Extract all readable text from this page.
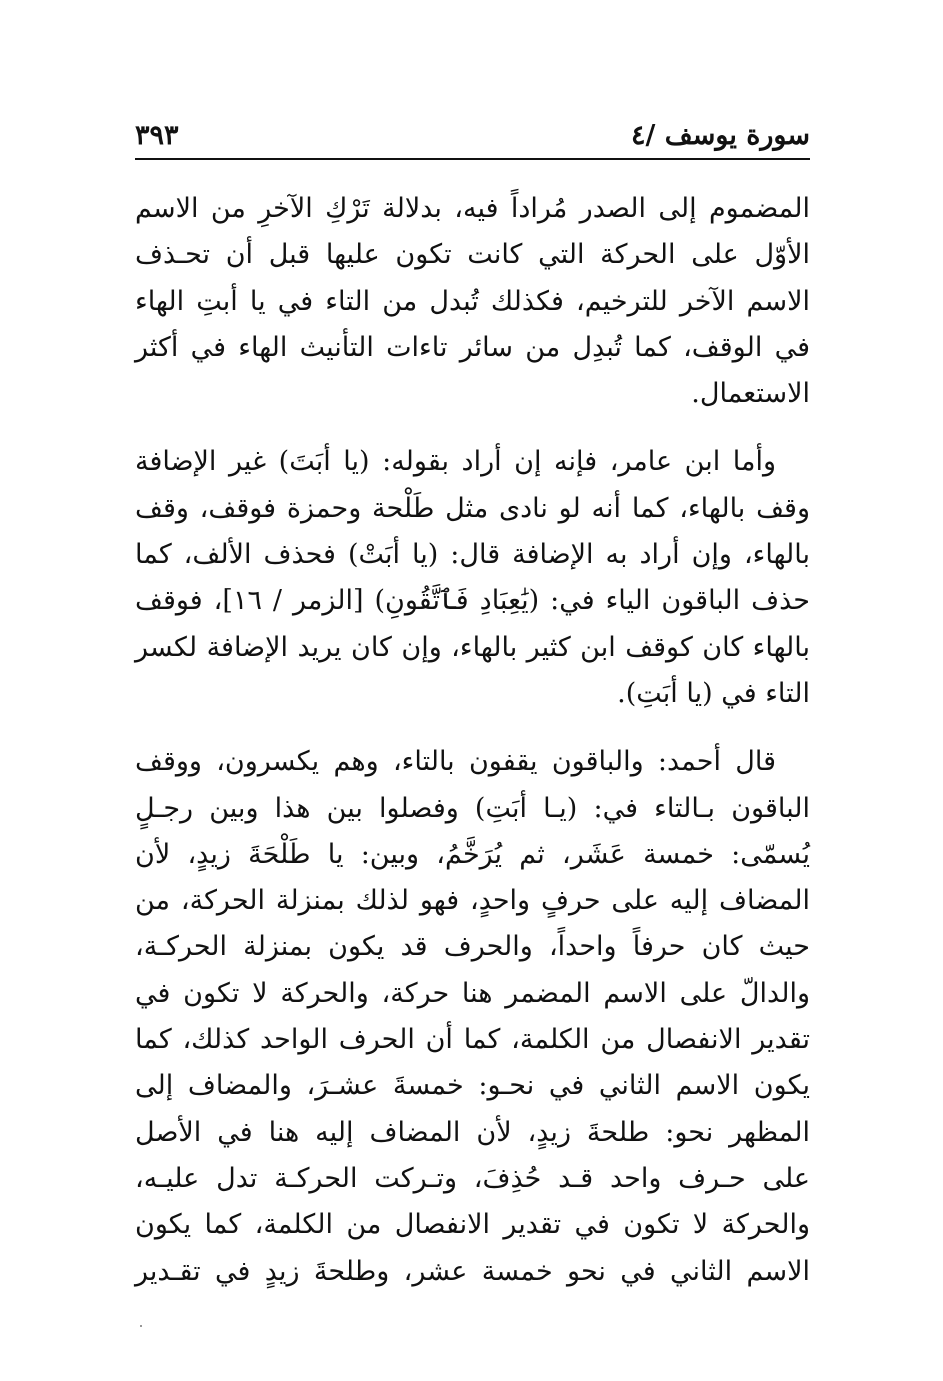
سورة يوسف /٤
٣٩٣

المضموم إلى الصدر مُراداً فيه، بدلالة تَرْكِ الآخرِ من الاسم
الأوّل على الحركة التي كانت تكون عليها قبل أن تحـذف
الاسم الآخر للترخيم، فكذلك تُبدل من التاء في يا أبتِ الهاء
في الوقف، كما تُبدِل من سائر تاءات التأنيث الهاء في أكثر
الاستعمال.

وأما ابن عامر، فإنه إن أراد بقوله: (يا أبَتَ) غير الإضافة
وقف بالهاء، كما أنه لو نادى مثل طَلْحة وحمزة فوقف، وقف
بالهاء، وإن أراد به الإضافة قال: (يا أبَتْ) فحذف الألف، كما
حذف الباقون الياء في: (يَٰعِبَادِ فَٱتَّقُونِ) [الزمر / ١٦]، فوقف
بالهاء كان كوقف ابن كثير بالهاء، وإن كان يريد الإضافة لكسر
التاء في (يا أبَتِ).

قال أحمد: والباقون يقفون بالتاء، وهم يكسرون، ووقف
الباقون بـالتاء في: (يـا أبَتِ) وفصلوا بين هذا وبين رجـلٍ
يُسمّى: خمسة عَشَر، ثم يُرَخَّمُ، وبين: يا طَلْحَةَ زيدٍ، لأن
المضاف إليه على حرفٍ واحدٍ، فهو لذلك بمنزلة الحركة، من
حيث كان حرفاً واحداً، والحرف قد يكون بمنزلة الحركـة،
والدالّ على الاسم المضمر هنا حركة، والحركة لا تكون في
تقدير الانفصال من الكلمة، كما أن الحرف الواحد كذلك، كما
يكون الاسم الثاني في نحـو: خمسةَ عشـرَ، والمضاف إلى
المظهر نحو: طلحةَ زيدٍ، لأن المضاف إليه هنا في الأصل
على حـرف واحد قـد حُذِفَ، وتـركت الحركـة تدل عليـه،
والحركة لا تكون في تقدير الانفصال من الكلمة، كما يكون
الاسم الثاني في نحو خمسة عشر، وطلحةَ زيدٍ في تقـدير
